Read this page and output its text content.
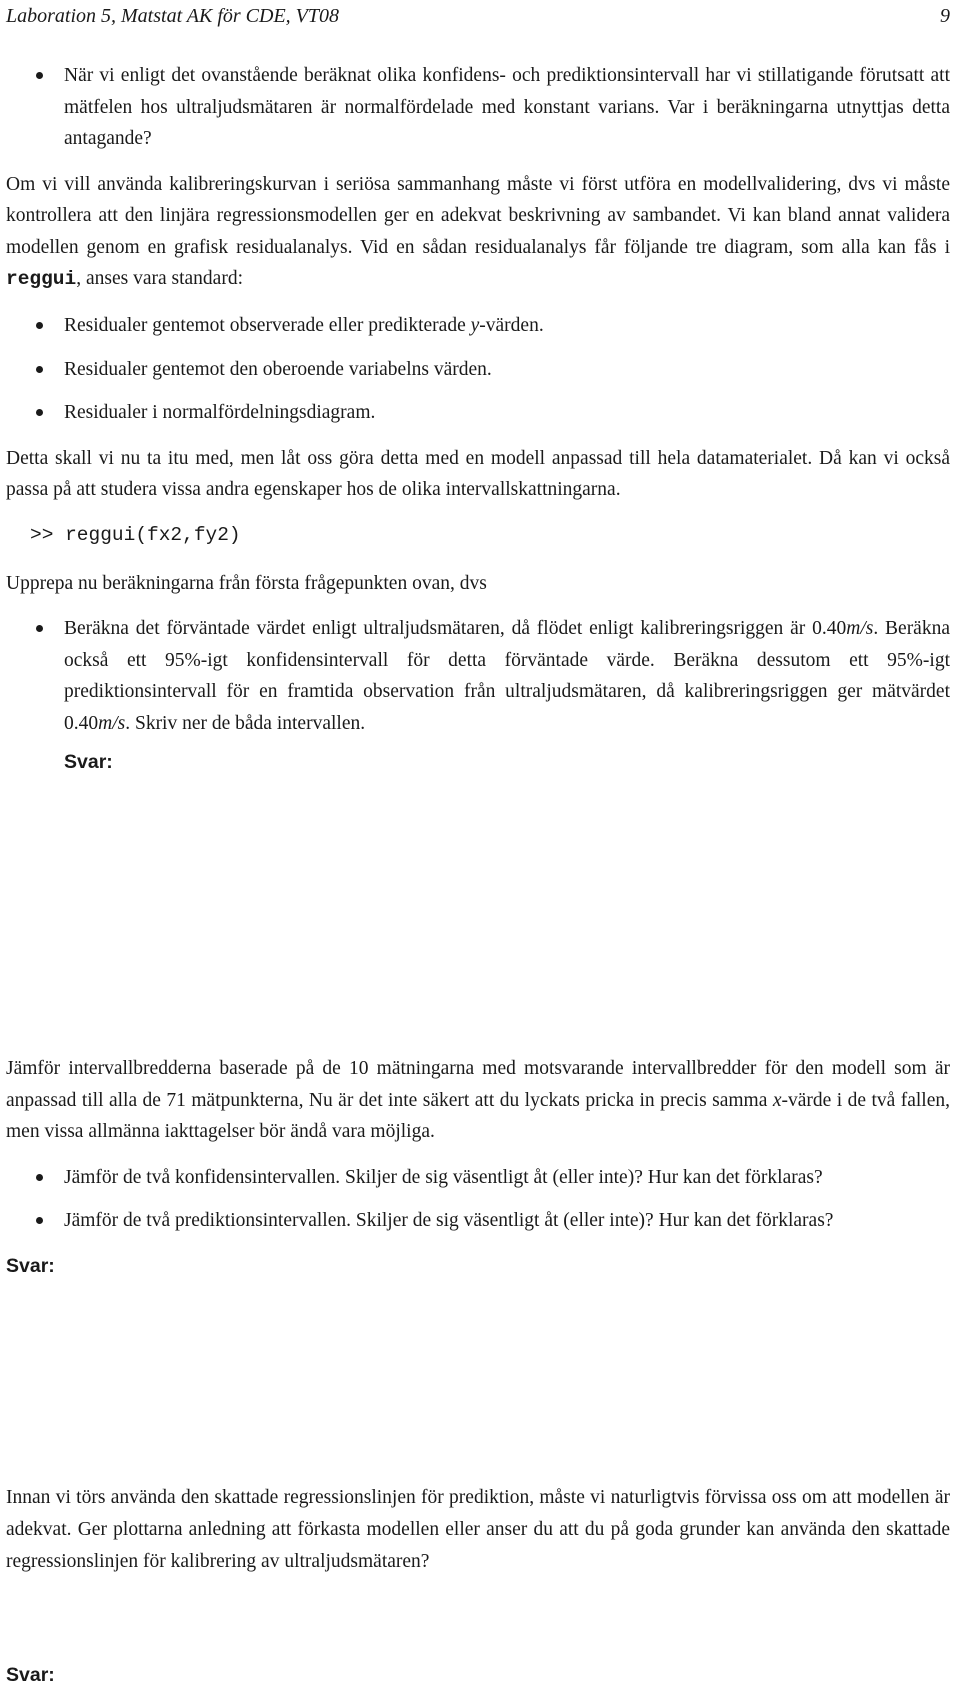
Laboration 5, Matstat AK för CDE, VT08	9
När vi enligt det ovanstående beräknat olika konfidens- och prediktionsintervall har vi stillatigande förutsatt att mätfelen hos ultraljudsmätaren är normalfördelade med konstant varians. Var i beräkningarna utnyttjas detta antagande?

Om vi vill använda kalibreringskurvan i seriösa sammanhang måste vi först utföra en modellvalidering, dvs vi måste kontrollera att den linjära regressionsmodellen ger en adekvat beskrivning av sambandet. Vi kan bland annat validera modellen genom en grafisk residualanalys. Vid en sådan residualanalys får följande tre diagram, som alla kan fås i reggui, anses vara standard:

Residualer gentemot observerade eller predikterade y-värden.
Residualer gentemot den oberoende variabelns värden.
Residualer i normalfördelningsdiagram.

Detta skall vi nu ta itu med, men låt oss göra detta med en modell anpassad till hela datamaterialet. Då kan vi också passa på att studera vissa andra egenskaper hos de olika intervallskattningarna.

>> reggui(fx2,fy2)

Upprepa nu beräkningarna från första frågepunkten ovan, dvs

Beräkna det förväntade värdet enligt ultraljudsmätaren, då flödet enligt kalibreringsriggen är 0.40m/s. Beräkna också ett 95%-igt konfidensintervall för detta förväntade värde. Beräkna dessutom ett 95%-igt prediktionsintervall för en framtida observation från ultraljudsmätaren, då kalibreringsriggen ger mätvärdet 0.40m/s. Skriv ner de båda intervallen.
Svar:

Jämför intervallbredderna baserade på de 10 mätningarna med motsvarande intervallbredder för den modell som är anpassad till alla de 71 mätpunkterna, Nu är det inte säkert att du lyckats pricka in precis samma x-värde i de två fallen, men vissa allmänna iakttagelser bör ändå vara möjliga.

Jämför de två konfidensintervallen. Skiljer de sig väsentligt åt (eller inte)? Hur kan det förklaras?
Jämför de två prediktionsintervallen. Skiljer de sig väsentligt åt (eller inte)? Hur kan det förklaras?
Svar:

Innan vi törs använda den skattade regressionslinjen för prediktion, måste vi naturligtvis förvissa oss om att modellen är adekvat. Ger plottarna anledning att förkasta modellen eller anser du att du på goda grunder kan använda den skattade regressionslinjen för kalibrering av ultraljudsmätaren?

Svar:
